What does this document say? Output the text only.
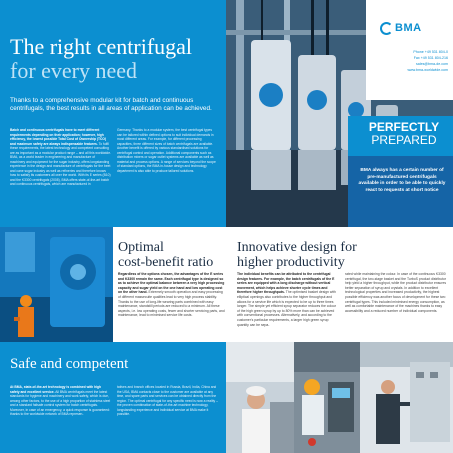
The right centrifugal
for every need
Thanks to a comprehensive modular kit for batch and continuous centrifugals, the best results in all areas of application can be achieved.
Batch and continuous centrifugals have to meet different requirements depending on their application; however, high efficiency, the lowest possible Total Cost of Ownership (TCO) and maximum safety are always indispensable features. To fulfil these requirements, the latest technology and competent consulting are as important as a modular product range – and all this worldwide. BMA, as a world leader in engineering and manufacture of machinery and equipment for the sugar industry, offers longstanding experience in the design and manufacture of centrifugals for the beet and cane sugar industry as well as refineries and therefore knows how to satisfy its customers all over the world. With its E series (B10) and the K3300 centrifugals (2008), BMA offers state-of-the-art batch and continuous centrifugals, which are manufactured in
Germany. Thanks to a modular system, the best centrifugal types can be tailored within defined options to suit individual demands in most different areas. For example, for different processing capacities, three different sizes of batch centrifugals are available. Another benefit is offered by various standardised solutions for centrifugal control and operation. Additional components such as distribution mixers or sugar outlet systems are available as well as material and process options. A range of services beyond the scope of standard options, the BMA in-house design and technology department is also able to produce tailored solutions.
BMA
Phone +49 531 804-0
Fax +49 531 804-216
sales@bma-de.com
www.bma-worldwide.com
PERFECTLY
PREPARED
BMA always has a certain number of pre-manufactured centrifugals available in order to be able to quickly react to requests at short notice
Optimal
cost-benefit ratio
Regardless of the options chosen, the advantages of the E series and K3300 remain the same. Each centrifugal type is designed so as to achieve the optimal balance between a very high processing capacity and sugar yield on the one hand and low operating cost on the other hand. Extremely smooth operation and easy processing of different massecuite qualities lead to very high process stability. Thanks to the use of long-life wearing parts combined with easy maintenance, standstill periods are reduced to a minimum. All these aspects, i.e. low operating costs, fewer and shorter servicing parts, and maintenance, lead to minimised service life costs.
Innovative design for
higher productivity
The individual benefits can be attributed to the centrifugal design features. For example, the batch centrifugals of the E series are equipped with a long discharge without vertical movement, which helps achieve shorter cycle times and therefore higher throughputs. The optimised basket design with elliptical openings also contributes to the higher throughput and allows for a service life which is expected to be up to three times longer. The simple yet efficient syrup separator reduces the colour of the high green syrup by up to 80% more than can be achieved with conventional processes. Alternatively, and according to the customer's particular requirements, a larger high green syrup quantity can be sepa-
rated while maintaining the colour. In case of the continuous K3300 centrifugal, the two-stage basket and the TurboS product distributor help yield a higher throughput, while the product distributor ensures better separation of syrup and crystals. In addition to excellent technological properties and increased productivity, the highest possible efficiency was another focus of development for these two centrifugal types. This included minimised energy consumption, as well as comfortable maintenance of the machines thanks to easy accessibility and a reduced number of individual components.
Safe and competent
At BMA, state-of-the-art technology is combined with high safety and excellent service. All BMA centrifugals meet the latest standards for hygiene and machinery and work safety, which is due, among other factors, to the use of a high proportion of stainless steel and a standard failsafe control system for batch centrifugals. Moreover, in case of an emergency, a quick response is guaranteed: thanks to the worldwide network of BMA represen-
tatives and branch offices located in Russia, Brazil, India, China and the USA, BMA contacts close to the customer are available at any time, and spare parts and services can be obtained directly from the region. The optimal centrifugal for any specific need is now a reality – the proven combination of state-of-the-art machine technology, longstanding experience and individual service at BMA make it possible.
